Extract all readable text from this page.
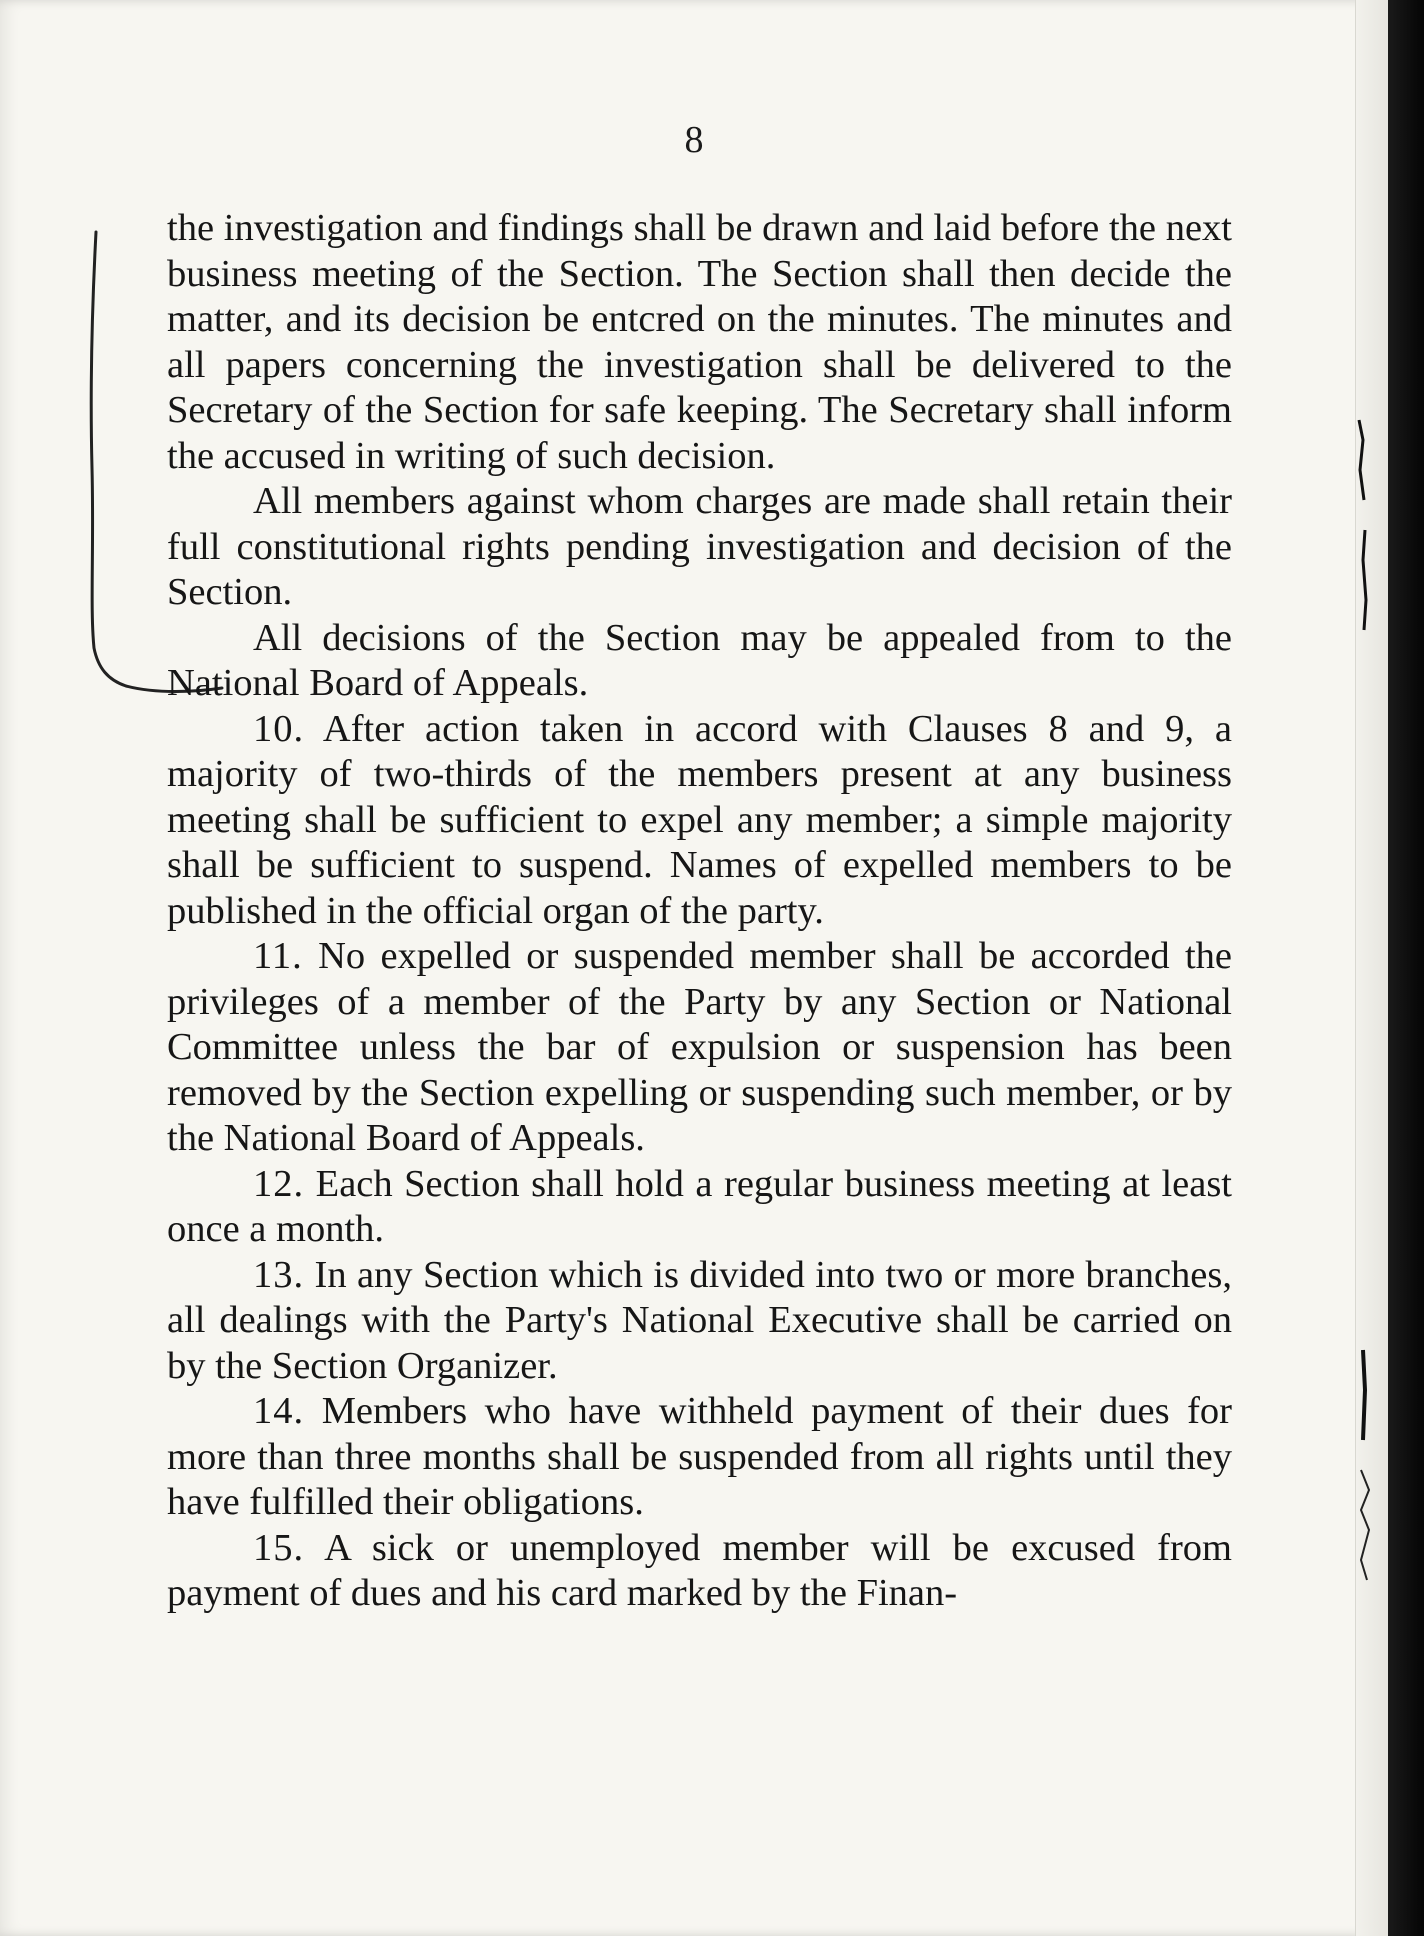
8

the investigation and findings shall be drawn and laid before the next business meeting of the Section. The Section shall then decide the matter, and its decision be entcred on the minutes. The minutes and all papers concerning the investigation shall be delivered to the Secretary of the Section for safe keeping. The Secretary shall inform the accused in writing of such decision.

All members against whom charges are made shall retain their full constitutional rights pending investigation and decision of the Section.

All decisions of the Section may be appealed from to the National Board of Appeals.

10. After action taken in accord with Clauses 8 and 9, a majority of two-thirds of the members present at any business meeting shall be sufficient to expel any member; a simple majority shall be sufficient to suspend. Names of expelled members to be published in the official organ of the party.

11. No expelled or suspended member shall be accorded the privileges of a member of the Party by any Section or National Committee unless the bar of expulsion or suspension has been removed by the Section expelling or suspending such member, or by the National Board of Appeals.

12. Each Section shall hold a regular business meeting at least once a month.

13. In any Section which is divided into two or more branches, all dealings with the Party's National Executive shall be carried on by the Section Organizer.

14. Members who have withheld payment of their dues for more than three months shall be suspended from all rights until they have fulfilled their obligations.

15. A sick or unemployed member will be excused from payment of dues and his card marked by the Finan-
